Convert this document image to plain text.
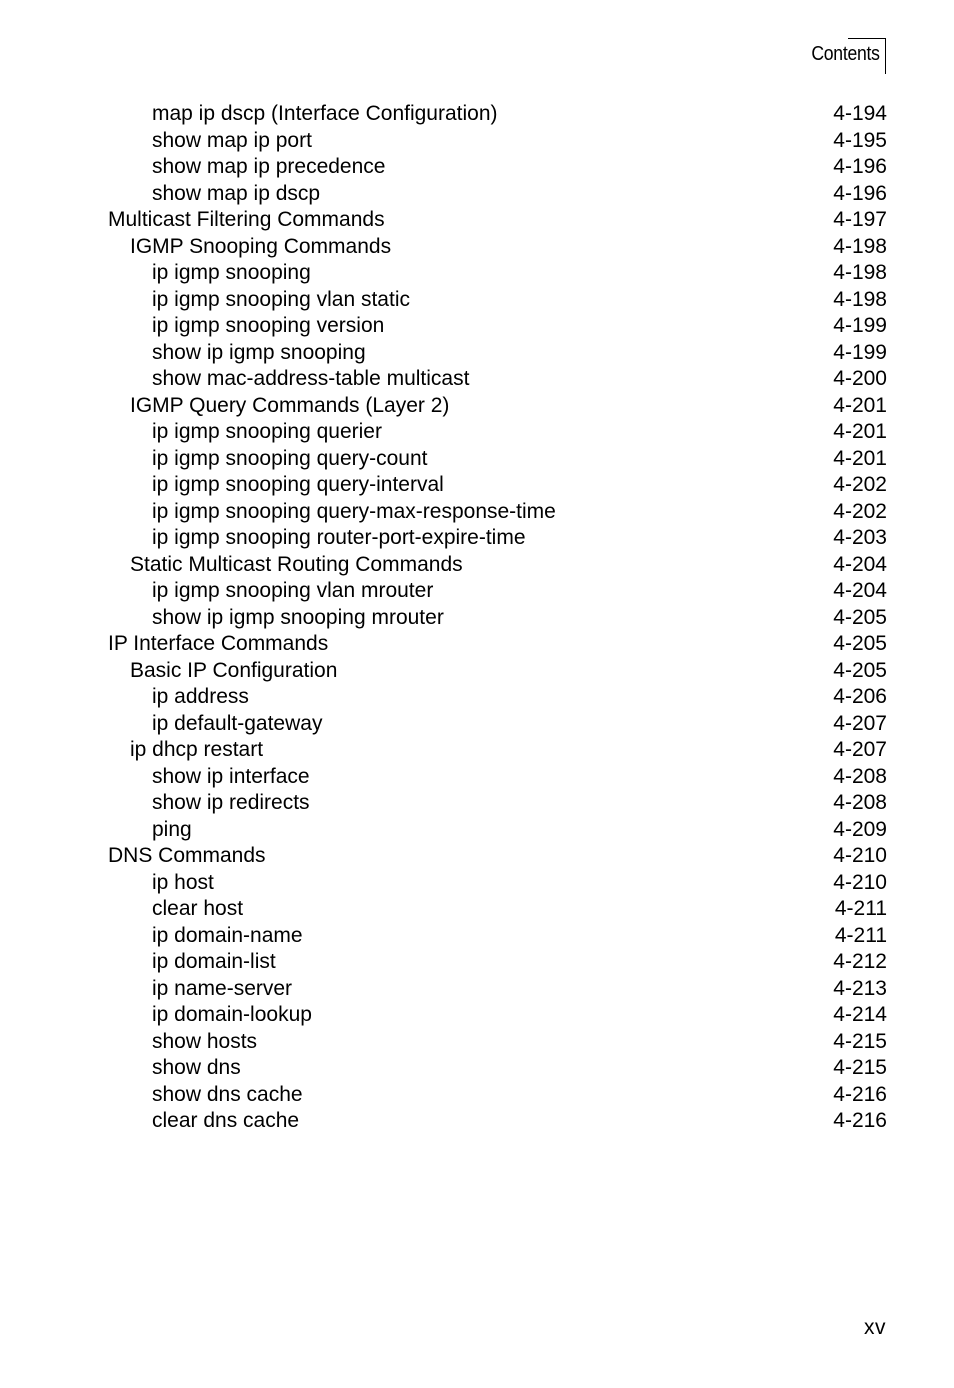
Contents
map ip dscp (Interface Configuration)	4-194
show map ip port	4-195
show map ip precedence	4-196
show map ip dscp	4-196
Multicast Filtering Commands	4-197
IGMP Snooping Commands	4-198
ip igmp snooping	4-198
ip igmp snooping vlan static	4-198
ip igmp snooping version	4-199
show ip igmp snooping	4-199
show mac-address-table multicast	4-200
IGMP Query Commands (Layer 2)	4-201
ip igmp snooping querier	4-201
ip igmp snooping query-count	4-201
ip igmp snooping query-interval	4-202
ip igmp snooping query-max-response-time	4-202
ip igmp snooping router-port-expire-time	4-203
Static Multicast Routing Commands	4-204
ip igmp snooping vlan mrouter	4-204
show ip igmp snooping mrouter	4-205
IP Interface Commands	4-205
Basic IP Configuration	4-205
ip address	4-206
ip default-gateway	4-207
ip dhcp restart	4-207
show ip interface	4-208
show ip redirects	4-208
ping	4-209
DNS Commands	4-210
ip host	4-210
clear host	4-211
ip domain-name	4-211
ip domain-list	4-212
ip name-server	4-213
ip domain-lookup	4-214
show hosts	4-215
show dns	4-215
show dns cache	4-216
clear dns cache	4-216
xv
